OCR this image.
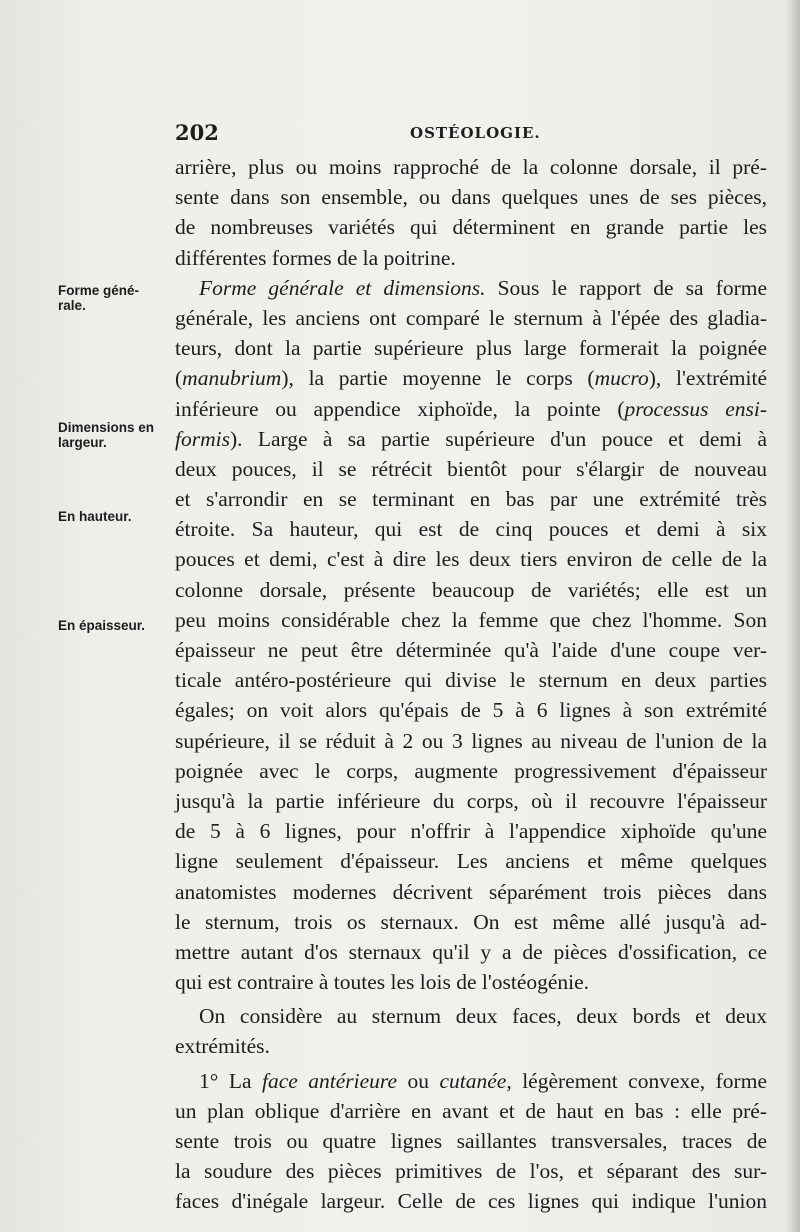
202	OSTÉOLOGIE.
Forme géné-
rale.
Dimensions en
largeur.
En hauteur.
En épaisseur.
arrière, plus ou moins rapproché de la colonne dorsale, il pré-
sente dans son ensemble, ou dans quelques unes de ses pièces,
de nombreuses variétés qui déterminent en grande partie les
différentes formes de la poitrine.
Forme générale et dimensions. Sous le rapport de sa forme
générale, les anciens ont comparé le sternum à l'épée des gladia-
teurs, dont la partie supérieure plus large formerait la poignée
(manubrium), la partie moyenne le corps (mucro), l'extrémité
inférieure ou appendice xiphoïde, la pointe (processus ensi-
formis). Large à sa partie supérieure d'un pouce et demi à
deux pouces, il se rétrécit bientôt pour s'élargir de nouveau
et s'arrondir en se terminant en bas par une extrémité très
étroite. Sa hauteur, qui est de cinq pouces et demi à six
pouces et demi, c'est à dire les deux tiers environ de celle de la
colonne dorsale, présente beaucoup de variétés; elle est un
peu moins considérable chez la femme que chez l'homme. Son
épaisseur ne peut être déterminée qu'à l'aide d'une coupe ver-
ticale antéro-postérieure qui divise le sternum en deux parties
égales; on voit alors qu'épais de 5 à 6 lignes à son extrémité
supérieure, il se réduit à 2 ou 3 lignes au niveau de l'union de la
poignée avec le corps, augmente progressivement d'épaisseur
jusqu'à la partie inférieure du corps, où il recouvre l'épaisseur
de 5 à 6 lignes, pour n'offrir à l'appendice xiphoïde qu'une
ligne seulement d'épaisseur. Les anciens et même quelques
anatomistes modernes décrivent séparément trois pièces dans
le sternum, trois os sternaux. On est même allé jusqu'à ad-
mettre autant d'os sternaux qu'il y a de pièces d'ossification, ce
qui est contraire à toutes les lois de l'ostéogénie.
On considère au sternum deux faces, deux bords et deux
extrémités.
1° La face antérieure ou cutanée, légèrement convexe, forme
un plan oblique d'arrière en avant et de haut en bas : elle pré-
sente trois ou quatre lignes saillantes transversales, traces de
la soudure des pièces primitives de l'os, et séparant des sur-
faces d'inégale largeur. Celle de ces lignes qui indique l'union
